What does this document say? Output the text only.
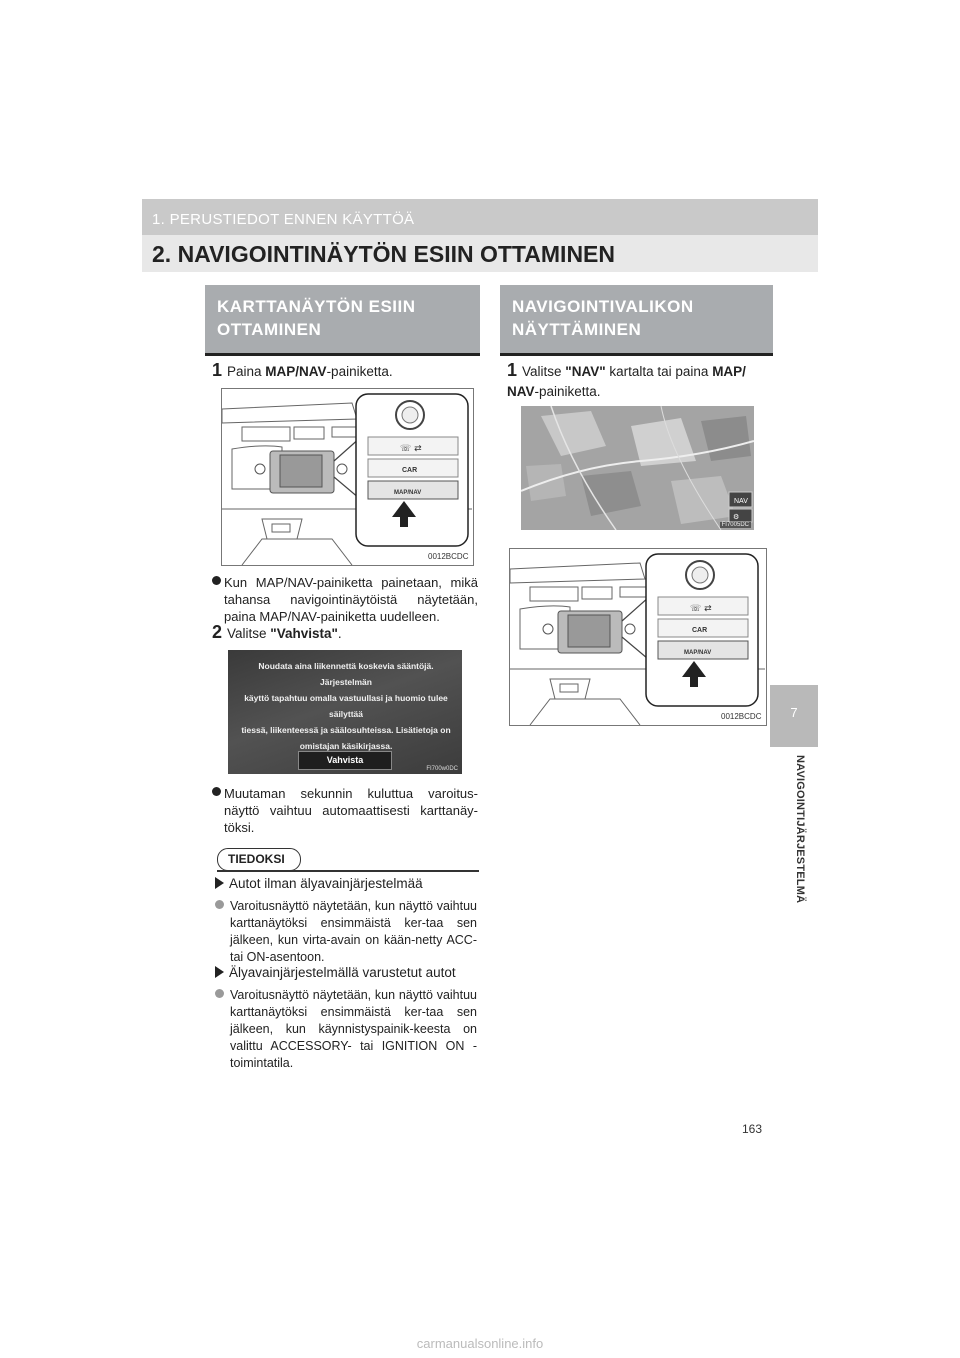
1. PERUSTIEDOT ENNEN KÄYTTÖÄ
2. NAVIGOINTINÄYTÖN ESIIN OTTAMINEN
7
NAVIGOINTIJÄRJESTELMÄ
KARTTANÄYTÖN ESIIN
OTTAMINEN
1 Paina MAP/NAV-painiketta.
☏ ⇄
CAR
MAP/NAV
0012BCDC
Kun MAP/NAV-painiketta painetaan, mikä tahansa navigointinäytöistä näytetään, paina MAP/NAV-painiketta uudelleen.
2 Valitse "Vahvista".
Noudata aina liikennettä koskevia sääntöjä. Järjestelmän
käyttö tapahtuu omalla vastuullasi ja huomio tulee säilyttää
tiessä, liikenteessä ja säälosuhteissa. Lisätietoja on
omistajan käsikirjassa.
Vahvista
FI700w0DC
Muutaman sekunnin kuluttua varoitus-näyttö vaihtuu automaattisesti karttanäy-töksi.
TIEDOKSI
Autot ilman älyavainjärjestelmää
Varoitusnäyttö näytetään, kun näyttö vaihtuu karttanäytöksi ensimmäistä ker-taa sen jälkeen, kun virta-avain on kään-netty ACC- tai ON-asentoon.
Älyavainjärjestelmällä varustetut autot
Varoitusnäyttö näytetään, kun näyttö vaihtuu karttanäytöksi ensimmäistä ker-taa sen jälkeen, kun käynnistyspainik-keesta on valittu ACCESSORY- tai IGNITION ON -toimintatila.
NAVIGOINTIVALIKON
NÄYTTÄMINEN
1 Valitse "NAV" kartalta tai paina MAP/
NAV-painiketta.
NAV
⚙
FI7005DC
☏ ⇄
CAR
MAP/NAV
0012BCDC
163
carmanualsonline.info
